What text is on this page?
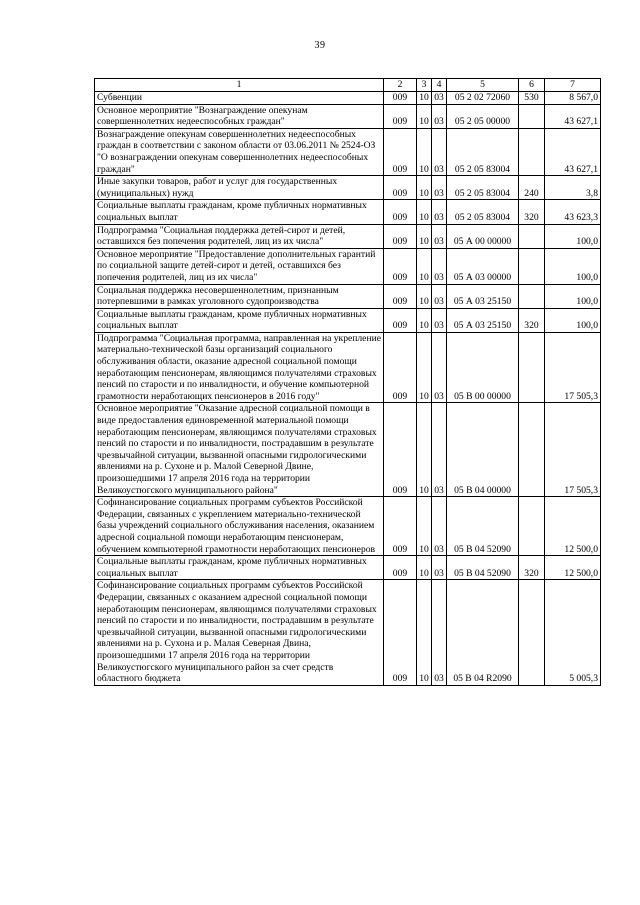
39
1	2	3	4	5	6	7
Субвенции	009	10	03	05 2 02 72060	530	8 567,0
Основное мероприятие "Вознаграждение опекунам совершеннолетних недееспособных граждан"	009	10	03	05 2 05 00000		43 627,1
Вознаграждение опекунам совершеннолетних недееспособных граждан в соответствии с законом области от 03.06.2011 № 2524-ОЗ "О вознаграждении опекунам совершеннолетних недееспособных граждан"	009	10	03	05 2 05 83004		43 627,1
Иные закупки товаров, работ и услуг для государственных (муниципальных) нужд	009	10	03	05 2 05 83004	240	3,8
Социальные выплаты гражданам, кроме публичных нормативных социальных выплат	009	10	03	05 2 05 83004	320	43 623,3
Подпрограмма "Социальная поддержка детей-сирот и детей, оставшихся без попечения родителей, лиц из их числа"	009	10	03	05 А 00 00000		100,0
Основное мероприятие "Предоставление дополнительных гарантий по социальной защите детей-сирот и детей, оставшихся без попечения родителей, лиц из их числа"	009	10	03	05 А 03 00000		100,0
Социальная поддержка несовершеннолетним, признанным потерпевшими в рамках уголовного судопроизводства	009	10	03	05 А 03 25150		100,0
Социальные выплаты гражданам, кроме публичных нормативных социальных выплат	009	10	03	05 А 03 25150	320	100,0
Подпрограмма "Социальная программа, направленная на укрепление материально-технической базы организаций социального обслуживания области, оказание адресной социальной помощи неработающим пенсионерам, являющимся получателями страховых пенсий по старости и по инвалидности, и обучение компьютерной грамотности неработающих пенсионеров в 2016 году"	009	10	03	05 В 00 00000		17 505,3
Основное мероприятие "Оказание адресной социальной помощи в виде предоставления единовременной материальной помощи неработающим пенсионерам, являющимся получателями страховых пенсий по старости и по инвалидности, пострадавшим в результате чрезвычайной ситуации, вызванной опасными гидрологическими явлениями на р. Сухоне и р. Малой Северной Двине, произошедшими 17 апреля 2016 года на территории Великоустюгского муниципального района"	009	10	03	05 В 04 00000		17 505,3
Софинансирование социальных программ субъектов Российской Федерации, связанных с укреплением материально-технической базы учреждений социального обслуживания населения, оказанием адресной социальной помощи неработающим пенсионерам, обучением компьютерной грамотности неработающих пенсионеров	009	10	03	05 В 04 52090		12 500,0
Социальные выплаты гражданам, кроме публичных нормативных социальных выплат	009	10	03	05 В 04 52090	320	12 500,0
Софинансирование социальных программ субъектов Российской Федерации, связанных с оказанием адресной социальной помощи неработающим пенсионерам, являющимся получателями страховых пенсий по старости и по инвалидности, пострадавшим в результате чрезвычайной ситуации, вызванной опасными гидрологическими явлениями на р. Сухона и р. Малая Северная Двина, произошедшими 17 апреля 2016 года на территории Великоустюгского муниципального район за счет средств областного бюджета	009	10	03	05 В 04 R2090		5 005,3
